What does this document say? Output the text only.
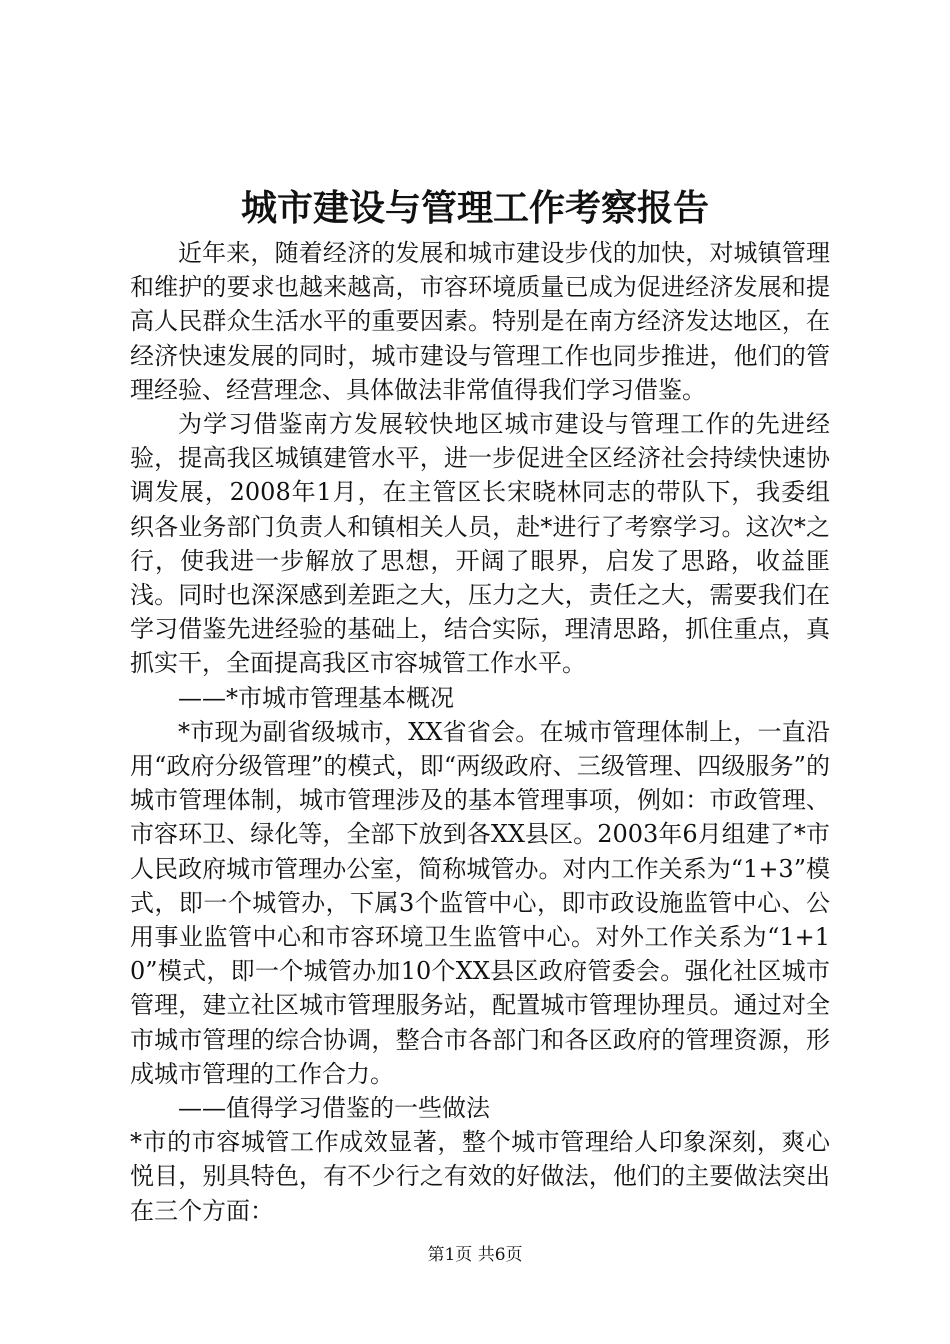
城市建设与管理工作考察报告

近年来，随着经济的发展和城市建设步伐的加快，对城镇管理和维护的要求也越来越高，市容环境质量已成为促进经济发展和提高人民群众生活水平的重要因素。特别是在南方经济发达地区，在经济快速发展的同时，城市建设与管理工作也同步推进，他们的管理经验、经营理念、具体做法非常值得我们学习借鉴。

为学习借鉴南方发展较快地区城市建设与管理工作的先进经验，提高我区城镇建管水平，进一步促进全区经济社会持续快速协调发展，2008年1月，在主管区长宋晓林同志的带队下，我委组织各业务部门负责人和镇相关人员，赴*进行了考察学习。这次*之行，使我进一步解放了思想，开阔了眼界，启发了思路，收益匪浅。同时也深深感到差距之大，压力之大，责任之大，需要我们在学习借鉴先进经验的基础上，结合实际，理清思路，抓住重点，真抓实干，全面提高我区市容城管工作水平。

——*市城市管理基本概况

*市现为副省级城市，XX省省会。在城市管理体制上，一直沿用“政府分级管理”的模式，即“两级政府、三级管理、四级服务”的城市管理体制，城市管理涉及的基本管理事项，例如：市政管理、市容环卫、绿化等，全部下放到各XX县区。2003年6月组建了*市人民政府城市管理办公室，简称城管办。对内工作关系为“1+3”模式，即一个城管办，下属3个监管中心，即市政设施监管中心、公用事业监管中心和市容环境卫生监管中心。对外工作关系为“1+10”模式，即一个城管办加10个XX县区政府管委会。强化社区城市管理，建立社区城市管理服务站，配置城市管理协理员。通过对全市城市管理的综合协调，整合市各部门和各区政府的管理资源，形成城市管理的工作合力。

——值得学习借鉴的一些做法

*市的市容城管工作成效显著，整个城市管理给人印象深刻，爽心悦目，别具特色，有不少行之有效的好做法，他们的主要做法突出在三个方面：

第1页 共6页
